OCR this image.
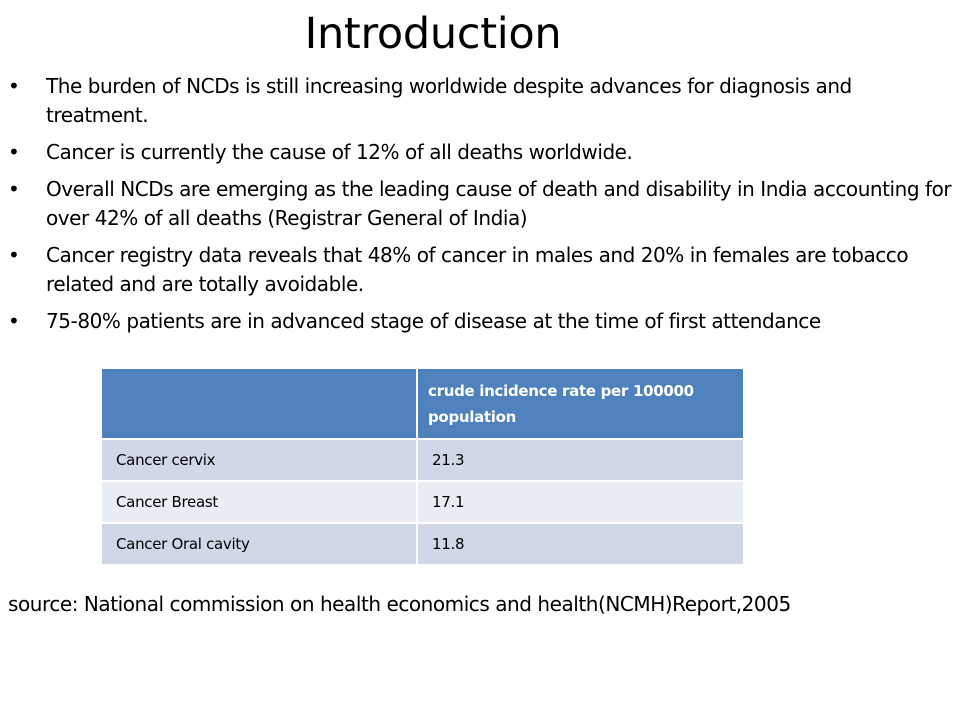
Introduction
•	The burden of NCDs is still increasing worldwide despite advances for diagnosis and treatment.
•	Cancer is currently the cause of 12% of all deaths worldwide.
•	Overall NCDs are emerging as the leading cause of death and disability in India accounting for over 42% of all deaths (Registrar General of India)
•	Cancer registry data reveals that 48% of cancer in males and 20% in females are tobacco related and are totally avoidable.
•	75-80% patients are in advanced stage of disease at the time of first attendance
	crude incidence rate per 100000 population
Cancer cervix	21.3
Cancer Breast	17.1
Cancer Oral cavity	11.8
source: National commission on health economics and health(NCMH)Report,2005
